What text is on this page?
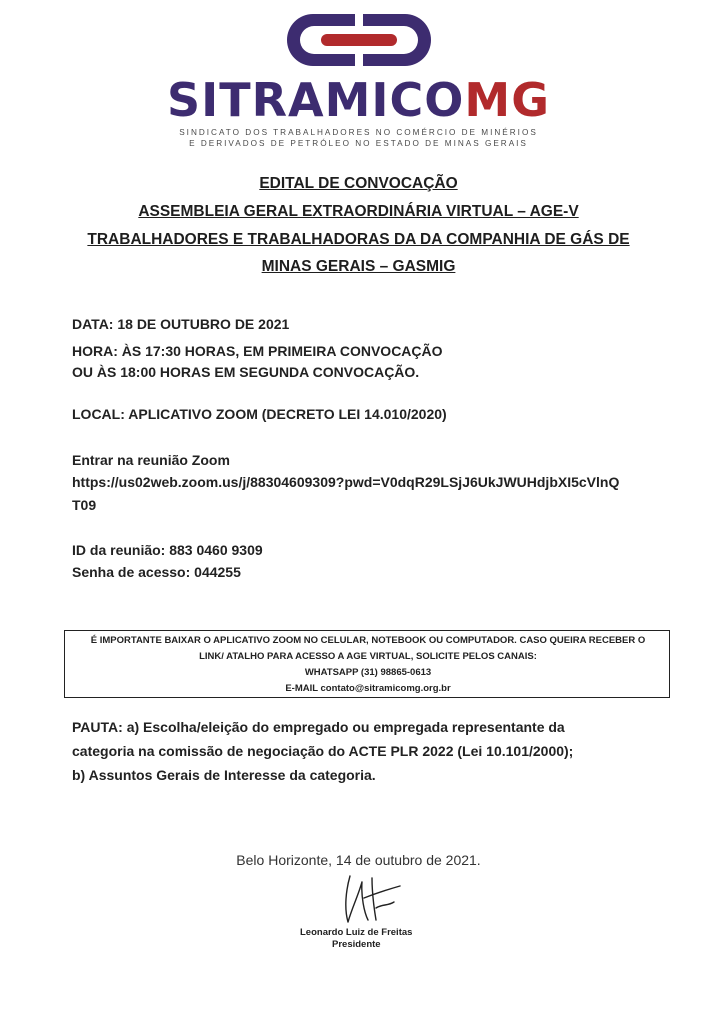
SITRAMICOMG
SINDICATO DOS TRABALHADORES NO COMÉRCIO DE MINÉRIOS
E DERIVADOS DE PETRÓLEO NO ESTADO DE MINAS GERAIS
EDITAL DE CONVOCAÇÃO
ASSEMBLEIA GERAL EXTRAORDINÁRIA VIRTUAL – AGE-V
TRABALHADORES E TRABALHADORAS DA DA COMPANHIA DE GÁS DE
MINAS GERAIS – GASMIG
DATA: 18 DE OUTUBRO DE 2021
HORA: ÀS 17:30 HORAS, EM PRIMEIRA CONVOCAÇÃO
OU ÀS 18:00 HORAS EM SEGUNDA CONVOCAÇÃO.
LOCAL: APLICATIVO ZOOM (DECRETO LEI 14.010/2020)
Entrar na reunião Zoom
https://us02web.zoom.us/j/88304609309?pwd=V0dqR29LSjJ6UkJWUHdjbXI5cVlnQ
T09
ID da reunião: 883 0460 9309
Senha de acesso: 044255
É IMPORTANTE BAIXAR O APLICATIVO ZOOM NO CELULAR, NOTEBOOK OU COMPUTADOR. CASO QUEIRA RECEBER O
LINK/ ATALHO PARA ACESSO A AGE VIRTUAL, SOLICITE PELOS CANAIS:
WHATSAPP (31) 98865-0613
E-MAIL contato@sitramicomg.org.br
PAUTA: a) Escolha/eleição do empregado ou empregada representante da
categoria na comissão de negociação do ACTE PLR 2022 (Lei 10.101/2000);
b) Assuntos Gerais de Interesse da categoria.
Belo Horizonte, 14 de outubro de 2021.
Leonardo Luiz de Freitas
Presidente
